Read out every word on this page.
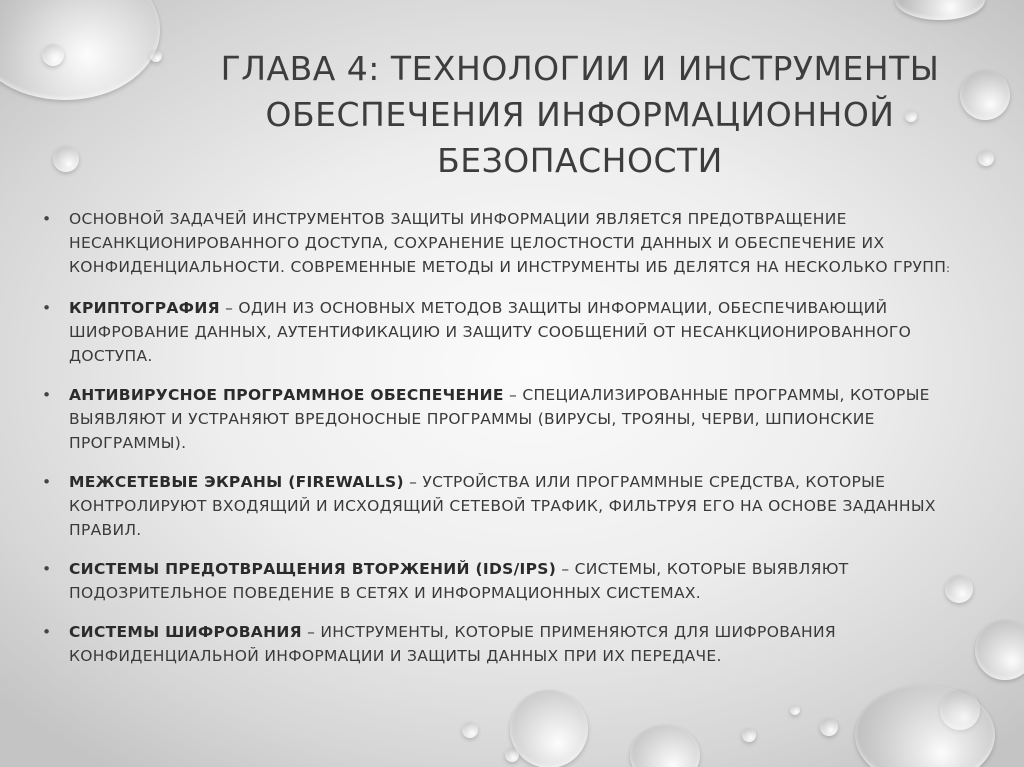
ГЛАВА 4: ТЕХНОЛОГИИ И ИНСТРУМЕНТЫ ОБЕСПЕЧЕНИЯ ИНФОРМАЦИОННОЙ БЕЗОПАСНОСТИ
• ОСНОВНОЙ ЗАДАЧЕЙ ИНСТРУМЕНТОВ ЗАЩИТЫ ИНФОРМАЦИИ ЯВЛЯЕТСЯ ПРЕДОТВРАЩЕНИЕ НЕСАНКЦИОНИРОВАННОГО ДОСТУПА, СОХРАНЕНИЕ ЦЕЛОСТНОСТИ ДАННЫХ И ОБЕСПЕЧЕНИЕ ИХ КОНФИДЕНЦИАЛЬНОСТИ. СОВРЕМЕННЫЕ МЕТОДЫ И ИНСТРУМЕНТЫ ИБ ДЕЛЯТСЯ НА НЕСКОЛЬКО ГРУПП:
• КРИПТОГРАФИЯ – ОДИН ИЗ ОСНОВНЫХ МЕТОДОВ ЗАЩИТЫ ИНФОРМАЦИИ, ОБЕСПЕЧИВАЮЩИЙ ШИФРОВАНИЕ ДАННЫХ, АУТЕНТИФИКАЦИЮ И ЗАЩИТУ СООБЩЕНИЙ ОТ НЕСАНКЦИОНИРОВАННОГО ДОСТУПА.
• АНТИВИРУСНОЕ ПРОГРАММНОЕ ОБЕСПЕЧЕНИЕ – СПЕЦИАЛИЗИРОВАННЫЕ ПРОГРАММЫ, КОТОРЫЕ ВЫЯВЛЯЮТ И УСТРАНЯЮТ ВРЕДОНОСНЫЕ ПРОГРАММЫ (ВИРУСЫ, ТРОЯНЫ, ЧЕРВИ, ШПИОНСКИЕ ПРОГРАММЫ).
• МЕЖСЕТЕВЫЕ ЭКРАНЫ (FIREWALLS) – УСТРОЙСТВА ИЛИ ПРОГРАММНЫЕ СРЕДСТВА, КОТОРЫЕ КОНТРОЛИРУЮТ ВХОДЯЩИЙ И ИСХОДЯЩИЙ СЕТЕВОЙ ТРАФИК, ФИЛЬТРУЯ ЕГО НА ОСНОВЕ ЗАДАННЫХ ПРАВИЛ.
• СИСТЕМЫ ПРЕДОТВРАЩЕНИЯ ВТОРЖЕНИЙ (IDS/IPS) – СИСТЕМЫ, КОТОРЫЕ ВЫЯВЛЯЮТ ПОДОЗРИТЕЛЬНОЕ ПОВЕДЕНИЕ В СЕТЯХ И ИНФОРМАЦИОННЫХ СИСТЕМАХ.
• СИСТЕМЫ ШИФРОВАНИЯ – ИНСТРУМЕНТЫ, КОТОРЫЕ ПРИМЕНЯЮТСЯ ДЛЯ ШИФРОВАНИЯ КОНФИДЕНЦИАЛЬНОЙ ИНФОРМАЦИИ И ЗАЩИТЫ ДАННЫХ ПРИ ИХ ПЕРЕДАЧЕ.
